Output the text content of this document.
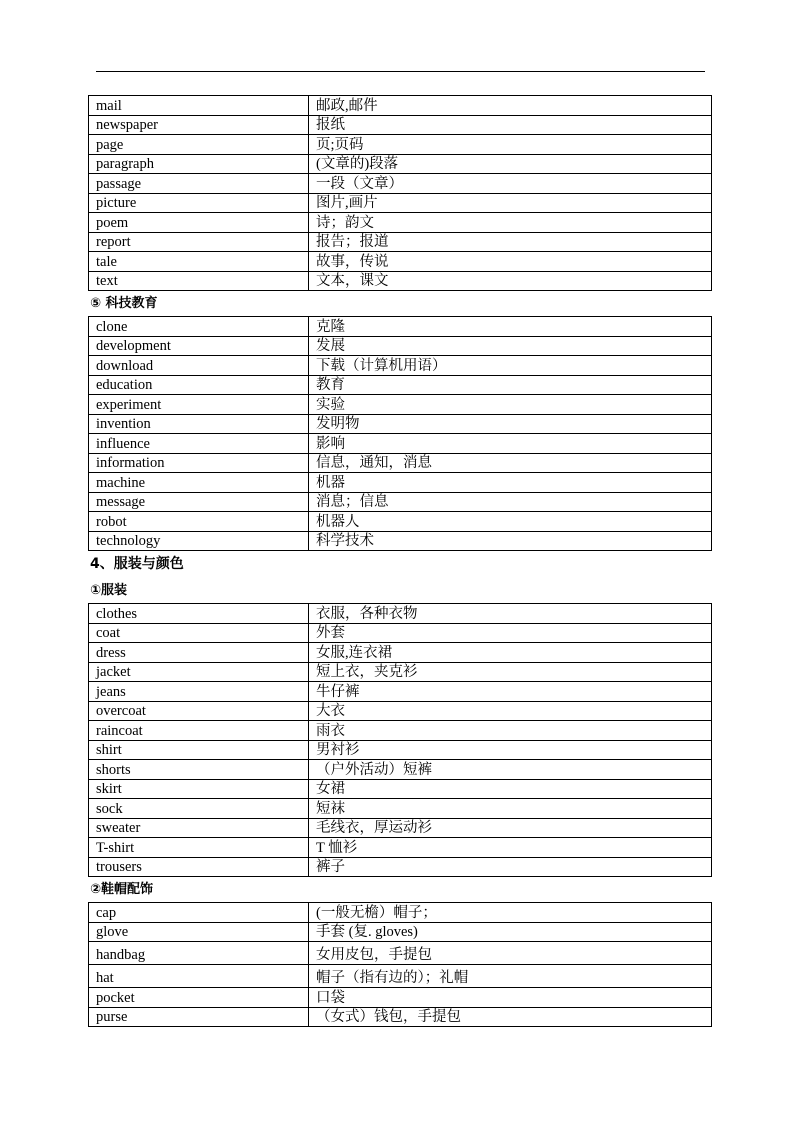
mail	邮政,邮件
newspaper	报纸
page	页;页码
paragraph	(文章的)段落
passage	一段（文章）
picture	图片,画片
poem	诗；韵文
report	报告；报道
tale	故事，传说
text	文本，课文
⑤ 科技教育
clone	克隆
development	发展
download	下载（计算机用语）
education	教育
experiment	实验
invention	发明物
influence	影响
information	信息，通知，消息
machine	机器
message	消息；信息
robot	机器人
technology	科学技术
4、服装与颜色
①服装
clothes	衣服，各种衣物
coat	外套
dress	女服,连衣裙
jacket	短上衣，夹克衫
jeans	牛仔裤
overcoat	大衣
raincoat	雨衣
shirt	男衬衫
shorts	（户外活动）短裤
skirt	女裙
sock	短袜
sweater	毛线衣，厚运动衫
T-shirt	T 恤衫
trousers	裤子
②鞋帽配饰
cap	(一般无檐）帽子；
glove	手套 (复. gloves)
handbag	女用皮包，手提包
hat	帽子（指有边的）；礼帽
pocket	口袋
purse	（女式）钱包，手提包
